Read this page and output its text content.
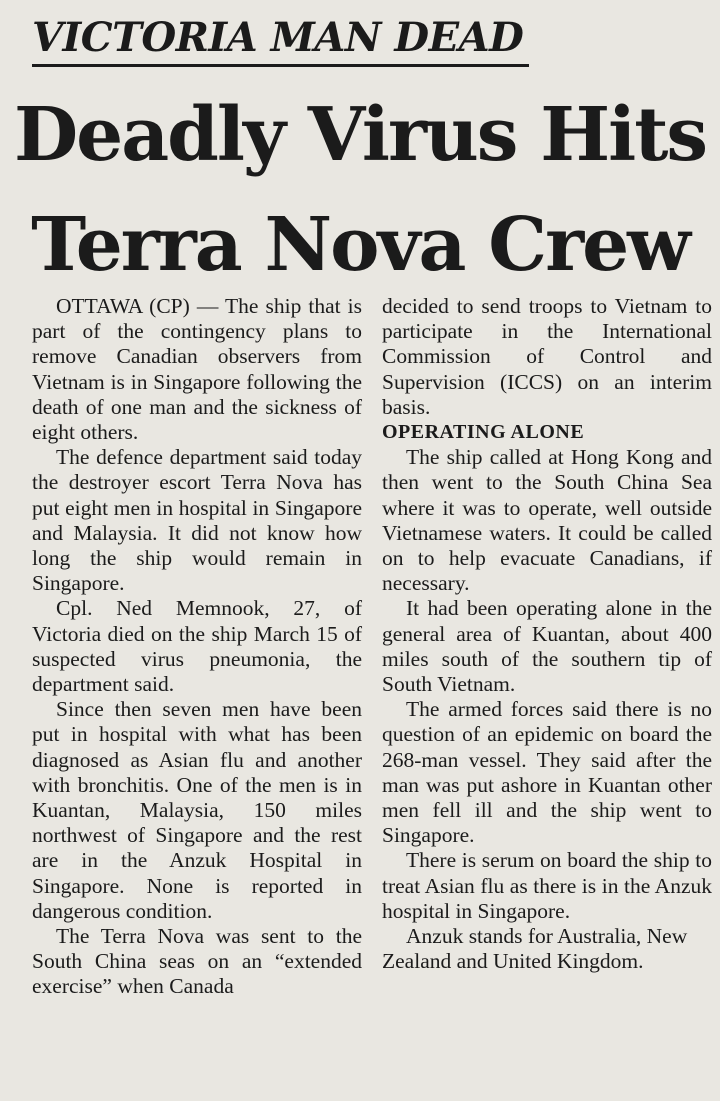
VICTORIA MAN DEAD
Deadly Virus Hits
Terra Nova Crew

OTTAWA (CP) — The ship that is part of the contingency plans to remove Canadian observers from Vietnam is in Singapore following the death of one man and the sickness of eight others.

The defence department said today the destroyer escort Terra Nova has put eight men in hospital in Singapore and Malaysia. It did not know how long the ship would remain in Singapore.

Cpl. Ned Memnook, 27, of Victoria died on the ship March 15 of suspected virus pneumonia, the department said.

Since then seven men have been put in hospital with what has been diagnosed as Asian flu and another with bronchitis. One of the men is in Kuantan, Malaysia, 150 miles northwest of Singapore and the rest are in the Anzuk Hospital in Singapore. None is reported in dangerous condition.

The Terra Nova was sent to the South China seas on an “extended exercise” when Canada

decided to send troops to Vietnam to participate in the International Commission of Control and Supervision (ICCS) on an interim basis.

OPERATING ALONE

The ship called at Hong Kong and then went to the South China Sea where it was to operate, well outside Vietnamese waters. It could be called on to help evacuate Canadians, if necessary.

It had been operating alone in the general area of Kuantan, about 400 miles south of the southern tip of South Vietnam.

The armed forces said there is no question of an epidemic on board the 268-man vessel. They said after the man was put ashore in Kuantan other men fell ill and the ship went to Singapore.

There is serum on board the ship to treat Asian flu as there is in the Anzuk hospital in Singapore.

Anzuk stands for Australia, New Zealand and United Kingdom.
